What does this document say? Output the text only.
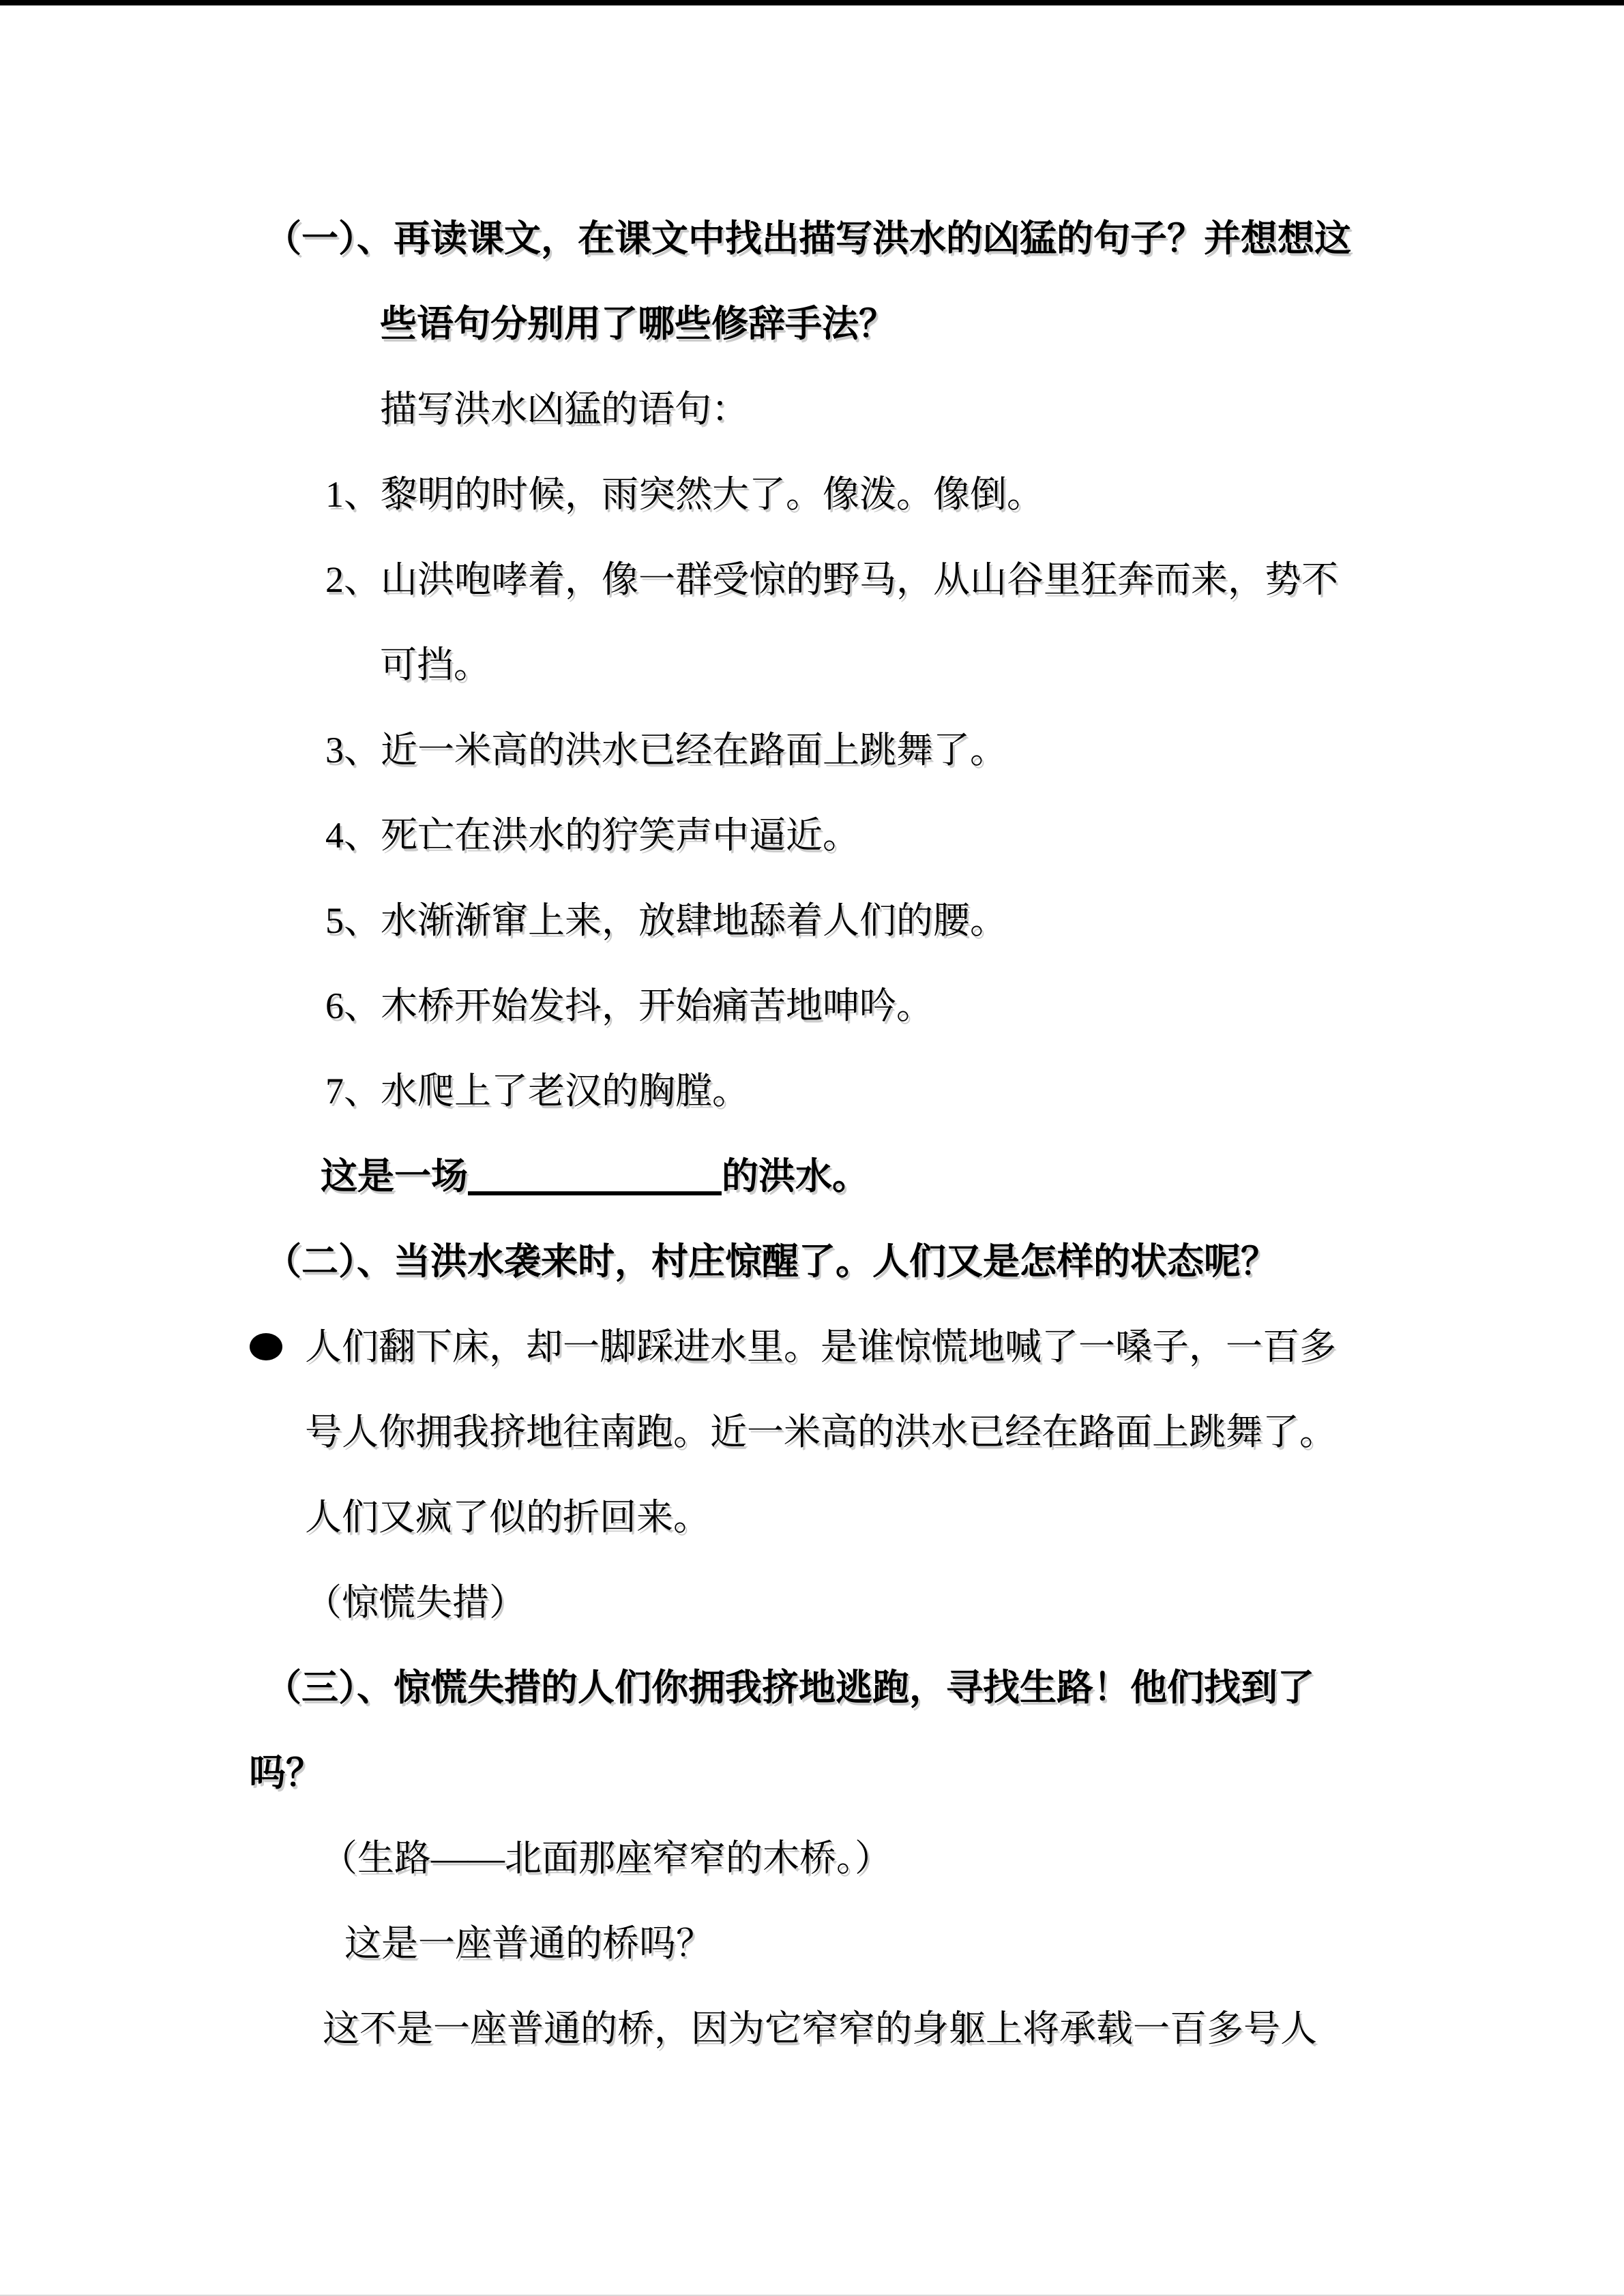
（一）、再读课文，在课文中找出描写洪水的凶猛的句子？并想想这
些语句分别用了哪些修辞手法？
描写洪水凶猛的语句：
1、黎明的时候，雨突然大了。像泼。像倒。
2、山洪咆哮着，像一群受惊的野马，从山谷里狂奔而来，势不
可挡。
3、近一米高的洪水已经在路面上跳舞了。
4、死亡在洪水的狞笑声中逼近。
5、水渐渐窜上来，放肆地舔着人们的腰。
6、木桥开始发抖，开始痛苦地呻吟。
7、水爬上了老汉的胸膛。
这是一场	的洪水。
（二）、当洪水袭来时，村庄惊醒了。人们又是怎样的状态呢？
人们翻下床，却一脚踩进水里。是谁惊慌地喊了一嗓子，一百多
号人你拥我挤地往南跑。近一米高的洪水已经在路面上跳舞了。
人们又疯了似的折回来。
（惊慌失措）
（三）、惊慌失措的人们你拥我挤地逃跑，寻找生路！他们找到了
吗？
（生路——北面那座窄窄的木桥。）
这是一座普通的桥吗？
这不是一座普通的桥，因为它窄窄的身躯上将承载一百多号人
